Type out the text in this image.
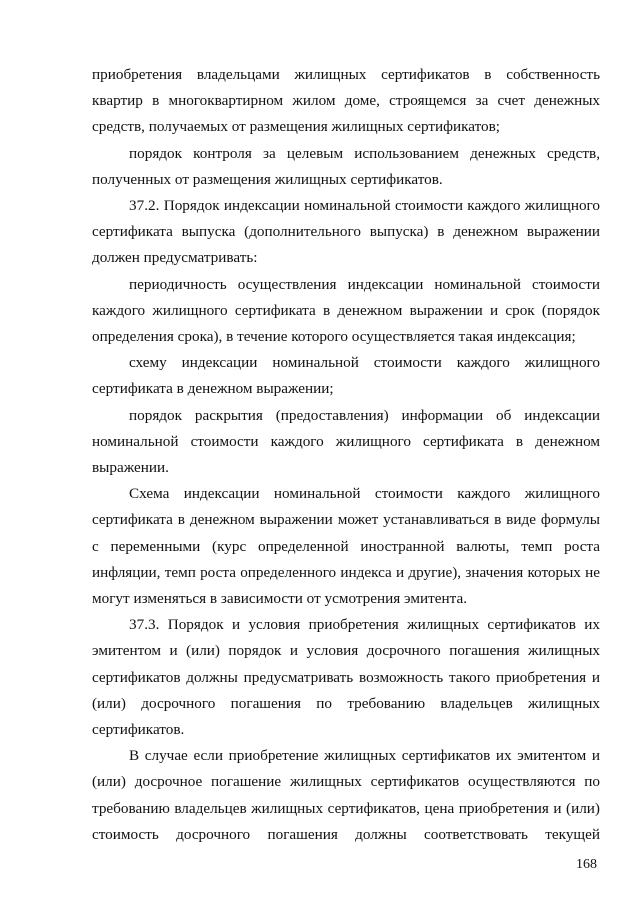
приобретения владельцами жилищных сертификатов в собственность квартир в многоквартирном жилом доме, строящемся за счет денежных средств, получаемых от размещения жилищных сертификатов;

порядок контроля за целевым использованием денежных средств, полученных от размещения жилищных сертификатов.

37.2. Порядок индексации номинальной стоимости каждого жилищного сертификата выпуска (дополнительного выпуска) в денежном выражении должен предусматривать:

периодичность осуществления индексации номинальной стоимости каждого жилищного сертификата в денежном выражении и срок (порядок определения срока), в течение которого осуществляется такая индексация;

схему индексации номинальной стоимости каждого жилищного сертификата в денежном выражении;

порядок раскрытия (предоставления) информации об индексации номинальной стоимости каждого жилищного сертификата в денежном выражении.

Схема индексации номинальной стоимости каждого жилищного сертификата в денежном выражении может устанавливаться в виде формулы с переменными (курс определенной иностранной валюты, темп роста инфляции, темп роста определенного индекса и другие), значения которых не могут изменяться в зависимости от усмотрения эмитента.

37.3. Порядок и условия приобретения жилищных сертификатов их эмитентом и (или) порядок и условия досрочного погашения жилищных сертификатов должны предусматривать возможность такого приобретения и (или) досрочного погашения по требованию владельцев жилищных сертификатов.

В случае если приобретение жилищных сертификатов их эмитентом и (или) досрочное погашение жилищных сертификатов осуществляются по требованию владельцев жилищных сертификатов, цена приобретения и (или) стоимость досрочного погашения должны соответствовать текущей

168
